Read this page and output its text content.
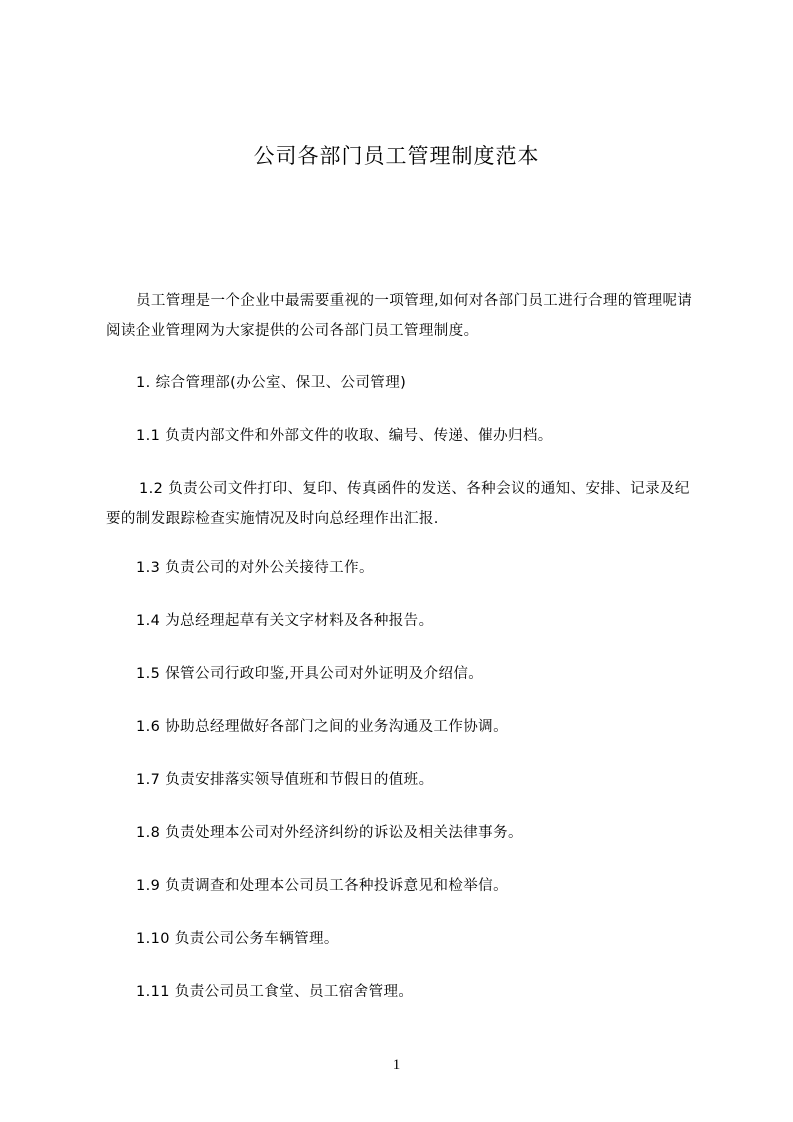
公司各部门员工管理制度范本

员工管理是一个企业中最需要重视的一项管理,如何对各部门员工进行合理的管理呢请阅读企业管理网为大家提供的公司各部门员工管理制度。

1. 综合管理部(办公室、保卫、公司管理)

1.1 负责内部文件和外部文件的收取、编号、传递、催办归档。

1.2 负责公司文件打印、复印、传真函件的发送、各种会议的通知、安排、记录及纪要的制发跟踪检查实施情况及时向总经理作出汇报.

1.3 负责公司的对外公关接待工作。

1.4 为总经理起草有关文字材料及各种报告。

1.5 保管公司行政印鉴,开具公司对外证明及介绍信。

1.6 协助总经理做好各部门之间的业务沟通及工作协调。

1.7 负责安排落实领导值班和节假日的值班。

1.8 负责处理本公司对外经济纠纷的诉讼及相关法律事务。

1.9 负责调查和处理本公司员工各种投诉意见和检举信。

1.10 负责公司公务车辆管理。

1.11 负责公司员工食堂、员工宿舍管理。

1
